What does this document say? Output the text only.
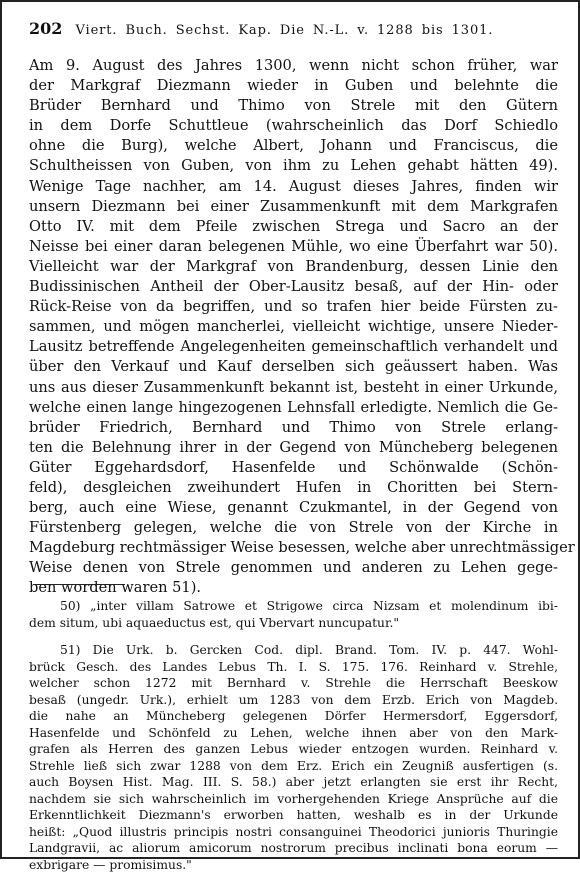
202 Viert. Buch. Sechst. Kap. Die N.-L. v. 1288 bis 1301.
Am 9. August des Jahres 1300, wenn nicht schon früher, war
der Markgraf Diezmann wieder in Guben und belehnte die
Brüder Bernhard und Thimo von Strele mit den Gütern
in dem Dorfe Schuttleue (wahrscheinlich das Dorf Schiedlo
ohne die Burg), welche Albert, Johann und Franciscus, die
Schultheissen von Guben, von ihm zu Lehen gehabt hätten 49).
Wenige Tage nachher, am 14. August dieses Jahres, finden wir
unsern Diezmann bei einer Zusammenkunft mit dem Markgrafen
Otto IV. mit dem Pfeile zwischen Strega und Sacro an der
Neisse bei einer daran belegenen Mühle, wo eine Überfahrt war 50).
Vielleicht war der Markgraf von Brandenburg, dessen Linie den
Budissinischen Antheil der Ober-Lausitz besaß, auf der Hin- oder
Rück-Reise von da begriffen, und so trafen hier beide Fürsten zu-
sammen, und mögen mancherlei, vielleicht wichtige, unsere Nieder-
Lausitz betreffende Angelegenheiten gemeinschaftlich verhandelt und
über den Verkauf und Kauf derselben sich geäussert haben. Was
uns aus dieser Zusammenkunft bekannt ist, besteht in einer Urkunde,
welche einen lange hingezogenen Lehnsfall erledigte. Nemlich die Ge-
brüder Friedrich, Bernhard und Thimo von Strele erlang-
ten die Belehnung ihrer in der Gegend von Müncheberg belegenen
Güter Eggehardsdorf, Hasenfelde und Schönwalde (Schön-
feld), desgleichen zweihundert Hufen in Choritten bei Stern-
berg, auch eine Wiese, genannt Czukmantel, in der Gegend von
Fürstenberg gelegen, welche die von Strele von der Kirche in
Magdeburg rechtmässiger Weise besessen, welche aber unrechtmässiger
Weise denen von Strele genommen und anderen zu Lehen gege-
ben worden waren 51).
50) „inter villam Satrowe et Strigowe circa Nizsam et molendinum ibi-
dem situm, ubi aquaeductus est, qui Vbervart nuncupatur."
51) Die Urk. b. Gercken Cod. dipl. Brand. Tom. IV. p. 447. Wohl-
brück Gesch. des Landes Lebus Th. I. S. 175. 176. Reinhard v. Strehle,
welcher schon 1272 mit Bernhard v. Strehle die Herrschaft Beeskow
besaß (ungedr. Urk.), erhielt um 1283 von dem Erzb. Erich von Magdeb.
die nahe an Müncheberg gelegenen Dörfer Hermersdorf, Eggersdorf,
Hasenfelde und Schönfeld zu Lehen, welche ihnen aber von den Mark-
grafen als Herren des ganzen Lebus wieder entzogen wurden. Reinhard v.
Strehle ließ sich zwar 1288 von dem Erz. Erich ein Zeugniß ausfertigen (s.
auch Boysen Hist. Mag. III. S. 58.) aber jetzt erlangten sie erst ihr Recht,
nachdem sie sich wahrscheinlich im vorhergehenden Kriege Ansprüche auf die
Erkenntlichkeit Diezmann's erworben hatten, weshalb es in der Urkunde
heißt: „Quod illustris principis nostri consanguinei Theodorici junioris Thuringie
Landgravii, ac aliorum amicorum nostrorum precibus inclinati bona eorum —
exbrigare — promisimus."
